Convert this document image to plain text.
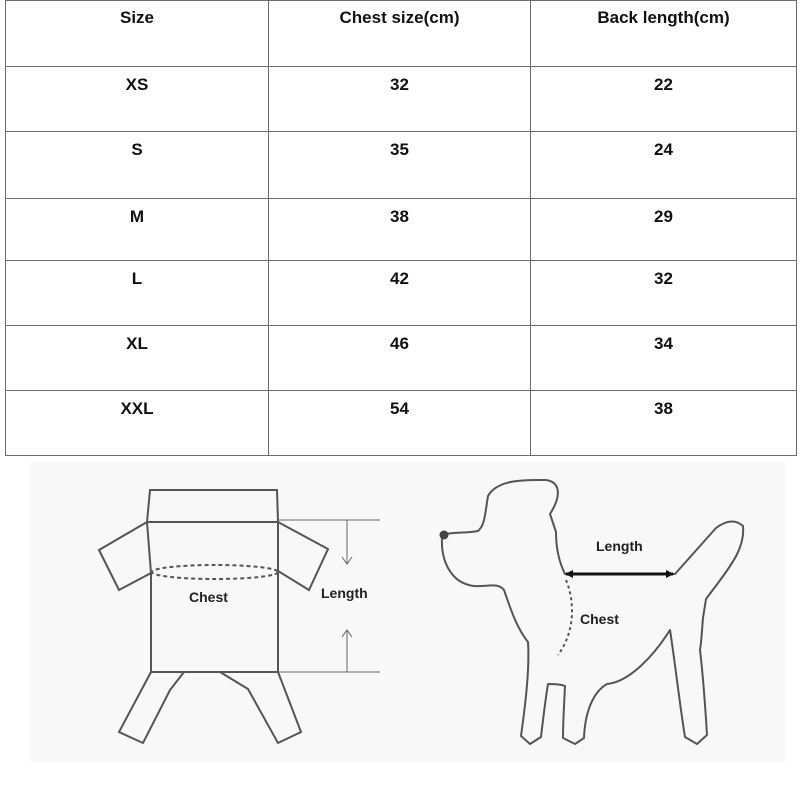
Size	Chest size(cm)	Back length(cm)
XS	32	22
S	35	24
M	38	29
L	42	32
XL	46	34
XXL	54	38
Chest	Length
Length
Chest
